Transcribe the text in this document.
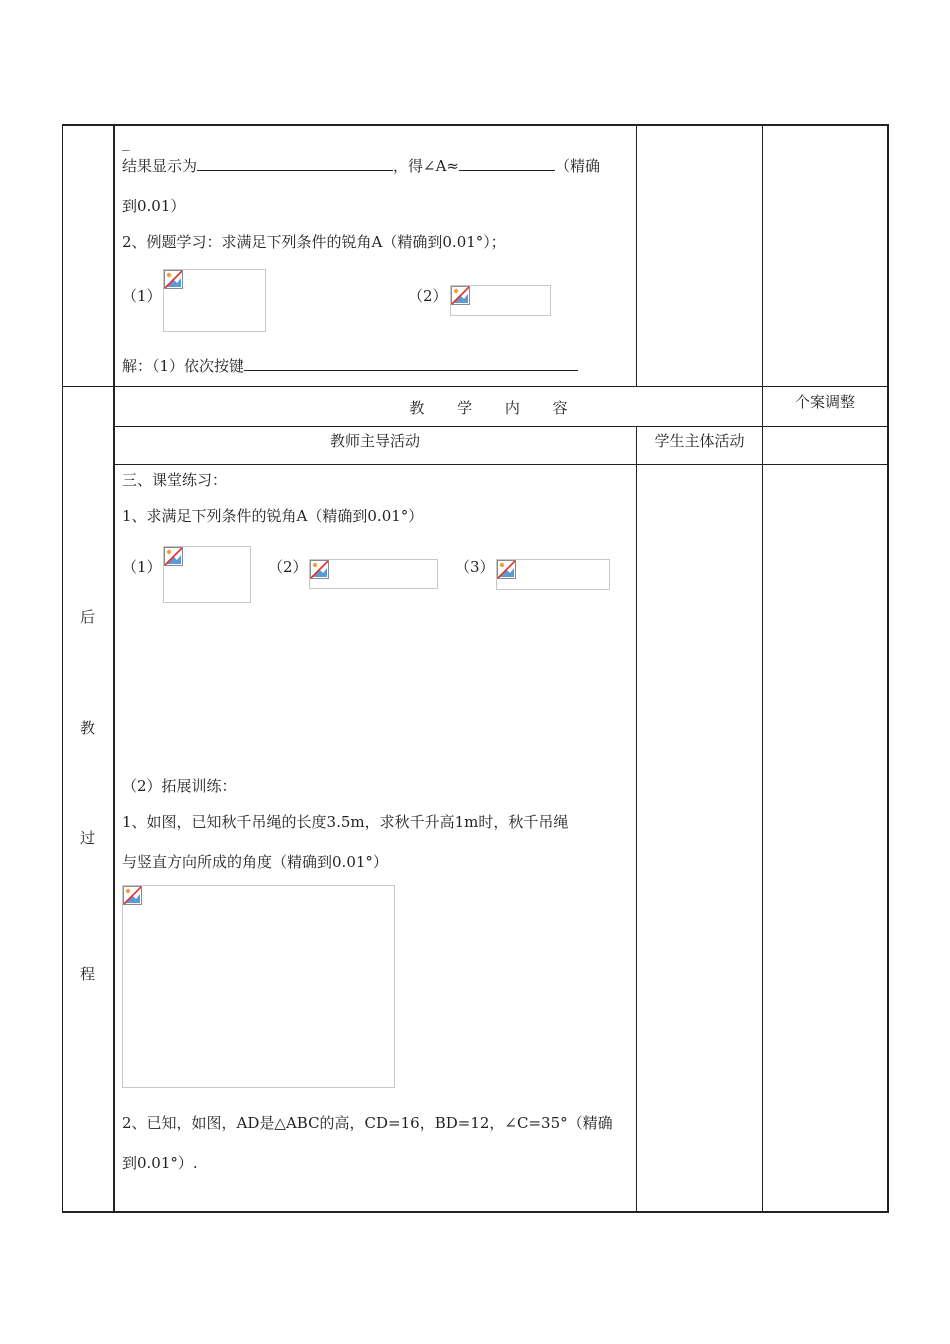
_
结果显示为	，得∠A≈	（精确
到0.01）
2、例题学习：求满足下列条件的锐角A（精确到0.01°）；
（1）	（2）
解：（1）依次按键
教 学 内 容	个案调整
教师主导活动	学生主体活动
后
教
过
程
三、课堂练习：
1、求满足下列条件的锐角A（精确到0.01°）
（1）	（2）	（3）
（2）拓展训练：
1、如图，已知秋千吊绳的长度3.5m，求秋千升高1m时，秋千吊绳
与竖直方向所成的角度（精确到0.01°）
2、已知，如图，AD是△ABC的高，CD=16，BD=12，∠C=35°（精确
到0.01°）.
